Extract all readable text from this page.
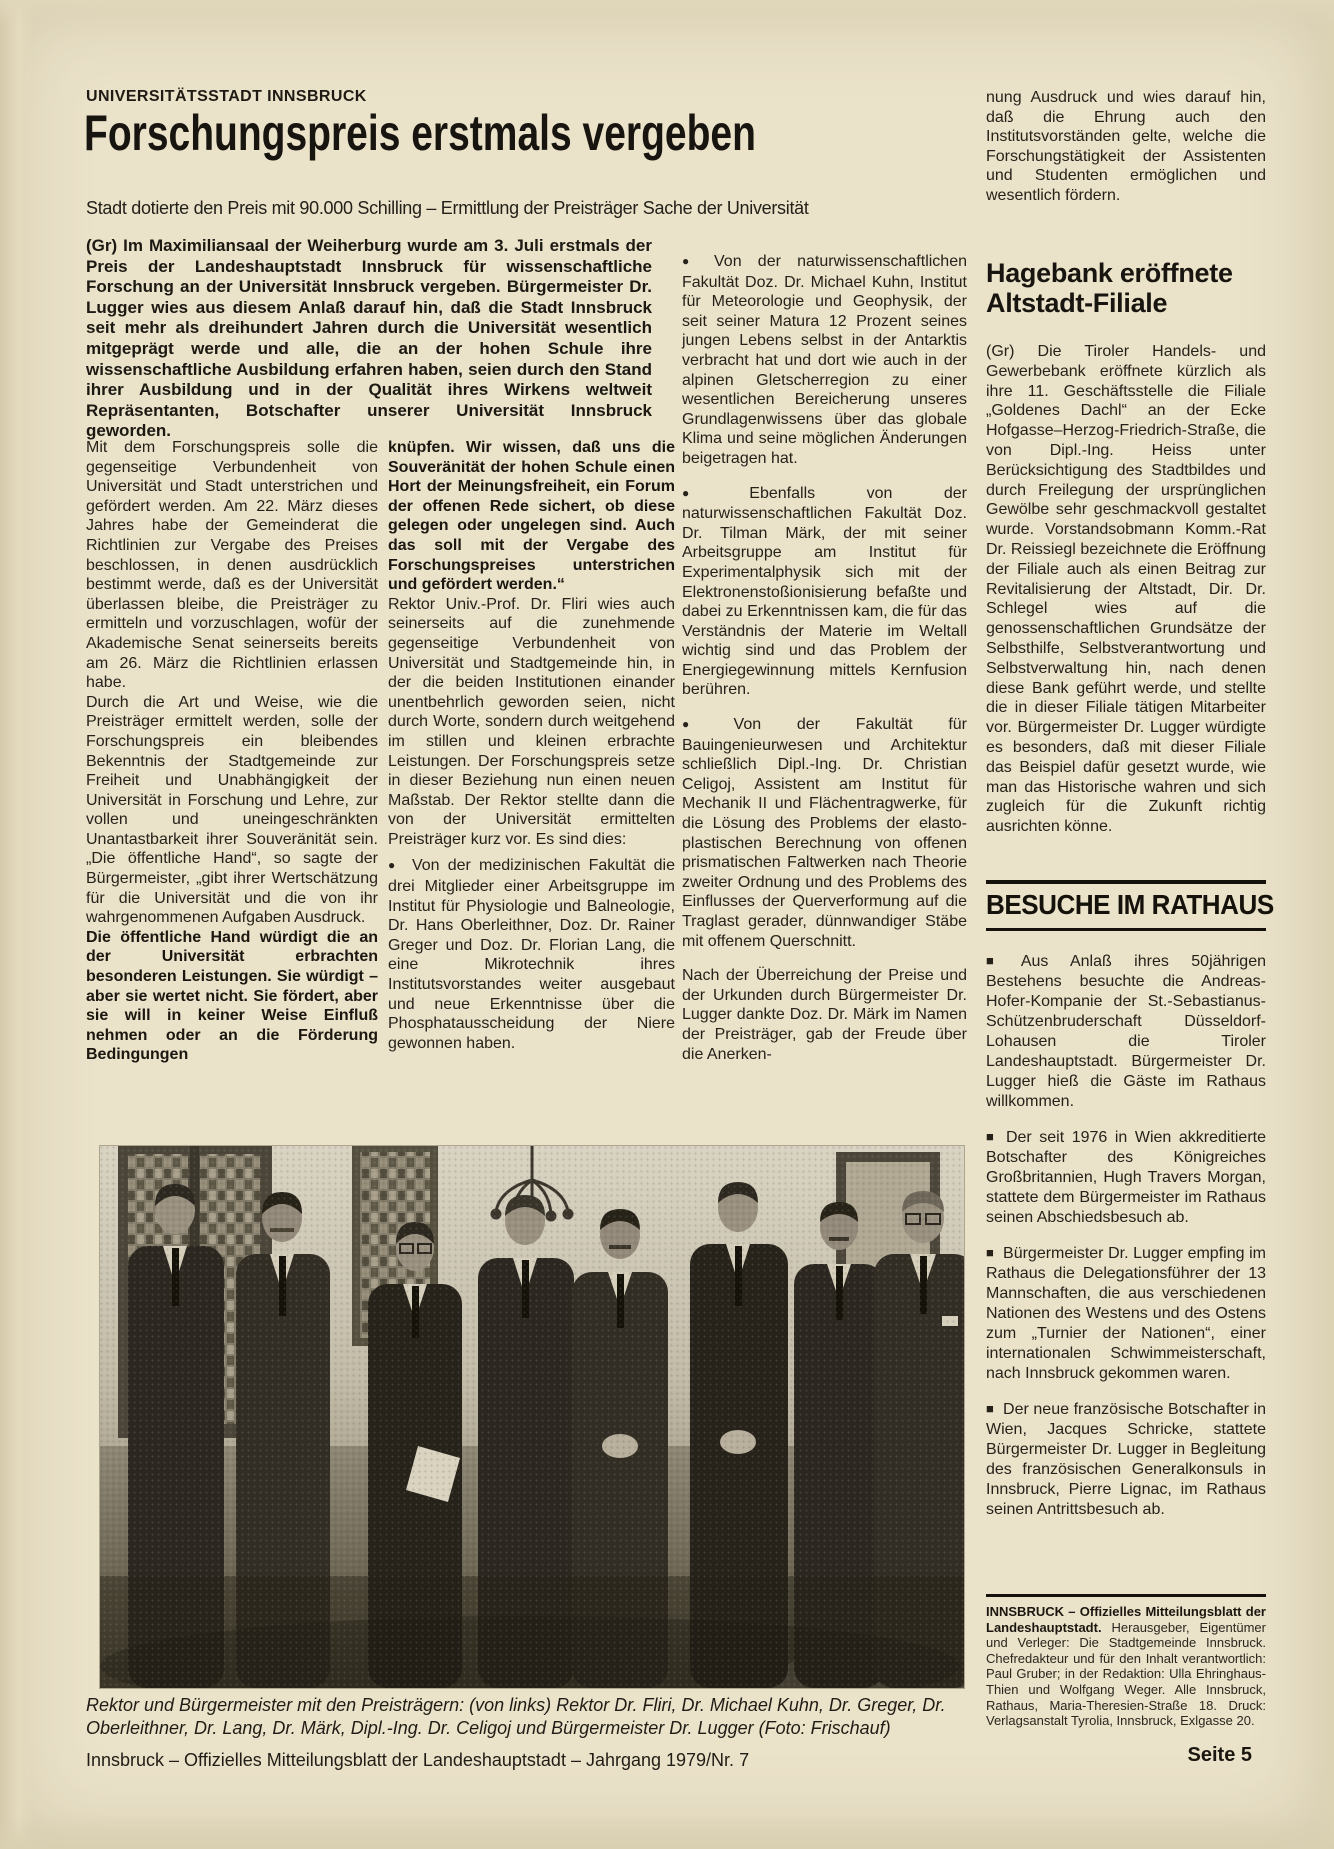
UNIVERSITÄTSSTADT INNSBRUCK
Forschungspreis erstmals vergeben
Stadt dotierte den Preis mit 90.000 Schilling – Ermittlung der Preisträger Sache der Universität

(Gr) Im Maximiliansaal der Weiherburg wurde am 3. Juli erstmals der Preis der Landeshauptstadt Innsbruck für wissenschaftliche Forschung an der Universität Innsbruck vergeben. Bürgermeister Dr. Lugger wies aus diesem Anlaß darauf hin, daß die Stadt Innsbruck seit mehr als dreihundert Jahren durch die Universität wesentlich mitgeprägt werde und alle, die an der hohen Schule ihre wissenschaftliche Ausbildung erfahren haben, seien durch den Stand ihrer Ausbildung und in der Qualität ihres Wirkens weltweit Repräsentanten, Botschafter unserer Universität Innsbruck geworden.

Mit dem Forschungspreis solle die gegenseitige Verbundenheit von Universität und Stadt unterstrichen und gefördert werden. Am 22. März dieses Jahres habe der Gemeinderat die Richtlinien zur Vergabe des Preises beschlossen, in denen ausdrücklich bestimmt werde, daß es der Universität überlassen bleibe, die Preisträger zu ermitteln und vorzuschlagen, wofür der Akademische Senat seinerseits bereits am 26. März die Richtlinien erlassen habe.

Durch die Art und Weise, wie die Preisträger ermittelt werden, solle der Forschungspreis ein bleibendes Bekenntnis der Stadtgemeinde zur Freiheit und Unabhängigkeit der Universität in Forschung und Lehre, zur vollen und uneingeschränkten Unantastbarkeit ihrer Souveränität sein. „Die öffentliche Hand“, so sagte der Bürgermeister, „gibt ihrer Wertschätzung für die Universität und die von ihr wahrgenommenen Aufgaben Ausdruck.

Die öffentliche Hand würdigt die an der Universität erbrachten besonderen Leistungen. Sie würdigt – aber sie wertet nicht. Sie fördert, aber sie will in keiner Weise Einfluß nehmen oder an die Förderung Bedingungen

knüpfen. Wir wissen, daß uns die Souveränität der hohen Schule einen Hort der Meinungsfreiheit, ein Forum der offenen Rede sichert, ob diese gelegen oder ungelegen sind. Auch das soll mit der Vergabe des Forschungspreises unterstrichen und gefördert werden.“

Rektor Univ.-Prof. Dr. Fliri wies auch seinerseits auf die zunehmende gegenseitige Verbundenheit von Universität und Stadtgemeinde hin, in der die beiden Institutionen einander unentbehrlich geworden seien, nicht durch Worte, sondern durch weitgehend im stillen und kleinen erbrachte Leistungen. Der Forschungspreis setze in dieser Beziehung nun einen neuen Maßstab. Der Rektor stellte dann die von der Universität ermittelten Preisträger kurz vor. Es sind dies:

● Von der medizinischen Fakultät die drei Mitglieder einer Arbeitsgruppe im Institut für Physiologie und Balneologie, Dr. Hans Oberleithner, Doz. Dr. Rainer Greger und Doz. Dr. Florian Lang, die eine Mikrotechnik ihres Institutsvorstandes weiter ausgebaut und neue Erkenntnisse über die Phosphatausscheidung der Niere gewonnen haben.

● Von der naturwissenschaftlichen Fakultät Doz. Dr. Michael Kuhn, Institut für Meteorologie und Geophysik, der seit seiner Matura 12 Prozent seines jungen Lebens selbst in der Antarktis verbracht hat und dort wie auch in der alpinen Gletscherregion zu einer wesentlichen Bereicherung unseres Grundlagenwissens über das globale Klima und seine möglichen Änderungen beigetragen hat.

● Ebenfalls von der naturwissenschaftlichen Fakultät Doz. Dr. Tilman Märk, der mit seiner Arbeitsgruppe am Institut für Experimentalphysik sich mit der Elektronenstoßionisierung befaßte und dabei zu Erkenntnissen kam, die für das Verständnis der Materie im Weltall wichtig sind und das Problem der Energiegewinnung mittels Kernfusion berühren.

● Von der Fakultät für Bauingenieurwesen und Architektur schließlich Dipl.-Ing. Dr. Christian Celigoj, Assistent am Institut für Mechanik II und Flächentragwerke, für die Lösung des Problems der elasto-plastischen Berechnung von offenen prismatischen Faltwerken nach Theorie zweiter Ordnung und des Problems des Einflusses der Querverformung auf die Traglast gerader, dünnwandiger Stäbe mit offenem Querschnitt.

Nach der Überreichung der Preise und der Urkunden durch Bürgermeister Dr. Lugger dankte Doz. Dr. Märk im Namen der Preisträger, gab der Freude über die Anerken-

Rektor und Bürgermeister mit den Preisträgern: (von links) Rektor Dr. Fliri, Dr. Michael Kuhn, Dr. Greger, Dr. Oberleithner, Dr. Lang, Dr. Märk, Dipl.-Ing. Dr. Celigoj und Bürgermeister Dr. Lugger (Foto: Frischauf)

Innsbruck – Offizielles Mitteilungsblatt der Landeshauptstadt – Jahrgang 1979/Nr. 7
nung Ausdruck und wies darauf hin, daß die Ehrung auch den Institutsvorständen gelte, welche die Forschungstätigkeit der Assistenten und Studenten ermöglichen und wesentlich fördern.
Hagebank eröffnete Altstadt-Filiale
(Gr) Die Tiroler Handels- und Gewerbebank eröffnete kürzlich als ihre 11. Geschäftsstelle die Filiale „Goldenes Dachl“ an der Ecke Hofgasse–Herzog-Friedrich-Straße, die von Dipl.-Ing. Heiss unter Berücksichtigung des Stadtbildes und durch Freilegung der ursprünglichen Gewölbe sehr geschmackvoll gestaltet wurde. Vorstandsobmann Komm.-Rat Dr. Reissiegl bezeichnete die Eröffnung der Filiale auch als einen Beitrag zur Revitalisierung der Altstadt, Dir. Dr. Schlegel wies auf die genossenschaftlichen Grundsätze der Selbsthilfe, Selbstverantwortung und Selbstverwaltung hin, nach denen diese Bank geführt werde, und stellte die in dieser Filiale tätigen Mitarbeiter vor. Bürgermeister Dr. Lugger würdigte es besonders, daß mit dieser Filiale das Beispiel dafür gesetzt wurde, wie man das Historische wahren und sich zugleich für die Zukunft richtig ausrichten könne.
BESUCHE IM RATHAUS

■ Aus Anlaß ihres 50jährigen Bestehens besuchte die Andreas-Hofer-Kompanie der St.-Sebastianus-Schützenbruderschaft Düsseldorf-Lohausen die Tiroler Landeshauptstadt. Bürgermeister Dr. Lugger hieß die Gäste im Rathaus willkommen.

■ Der seit 1976 in Wien akkreditierte Botschafter des Königreiches Großbritannien, Hugh Travers Morgan, stattete dem Bürgermeister im Rathaus seinen Abschiedsbesuch ab.

■ Bürgermeister Dr. Lugger empfing im Rathaus die Delegationsführer der 13 Mannschaften, die aus verschiedenen Nationen des Westens und des Ostens zum „Turnier der Nationen“, einer internationalen Schwimmeisterschaft, nach Innsbruck gekommen waren.

■ Der neue französische Botschafter in Wien, Jacques Schricke, stattete Bürgermeister Dr. Lugger in Begleitung des französischen Generalkonsuls in Innsbruck, Pierre Lignac, im Rathaus seinen Antrittsbesuch ab.

INNSBRUCK – Offizielles Mitteilungsblatt der Landeshauptstadt. Herausgeber, Eigentümer und Verleger: Die Stadtgemeinde Innsbruck. Chefredakteur und für den Inhalt verantwortlich: Paul Gruber; in der Redaktion: Ulla Ehringhaus-Thien und Wolfgang Weger. Alle Innsbruck, Rathaus, Maria-Theresien-Straße 18. Druck: Verlagsanstalt Tyrolia, Innsbruck, Exlgasse 20.
Seite 5
